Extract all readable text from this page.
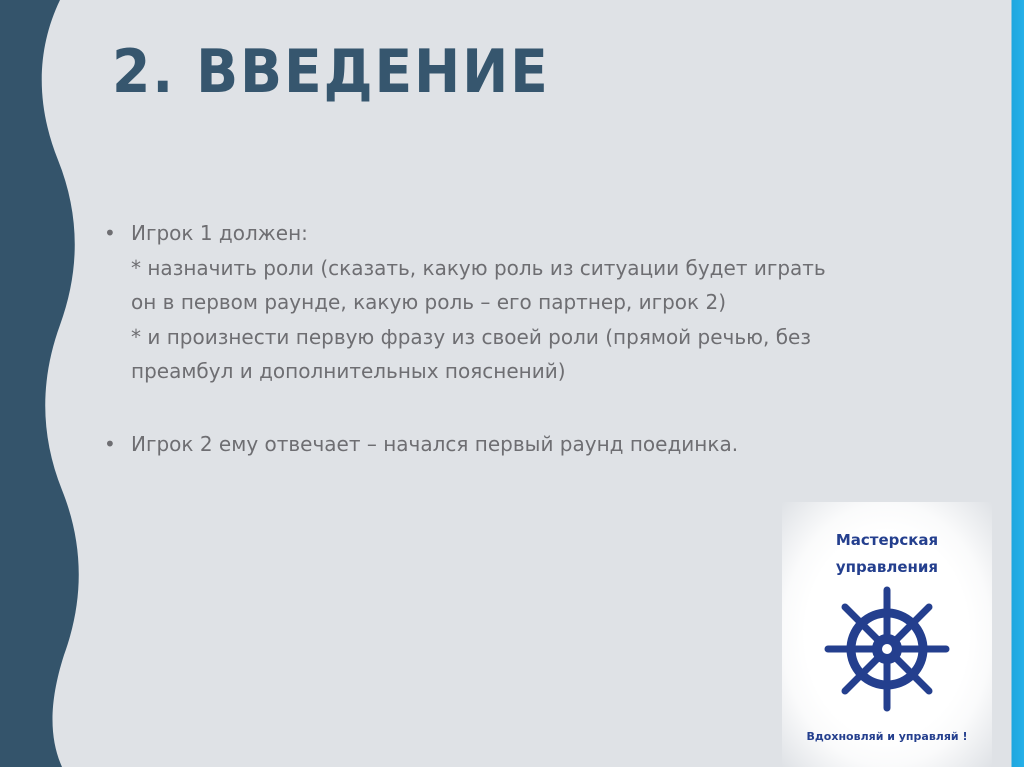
2. ВВЕДЕНИЕ
• Игрок 1 должен:
* назначить роли (сказать, какую роль из ситуации будет играть
он в первом раунде, какую роль – его партнер, игрок 2)
* и произнести первую фразу из своей роли (прямой речью, без
преамбул и дополнительных пояснений)
• Игрок 2 ему отвечает – начался первый раунд поединка.
Мастерская
управления
Вдохновляй и управляй !
